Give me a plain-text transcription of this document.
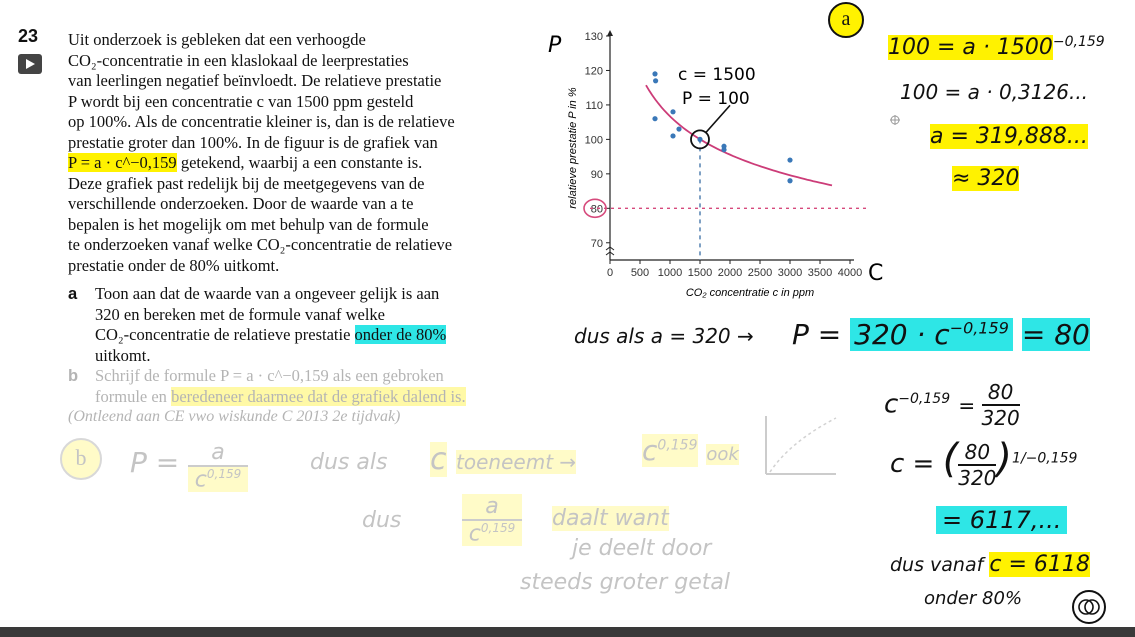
23 Uit onderzoek is gebleken dat een verhoogde
CO₂-concentratie in een klaslokaal de leerprestaties
van leerlingen negatief beïnvloedt. De relatieve prestatie
P wordt bij een concentratie c van 1500 ppm gesteld
op 100%. Als de concentratie kleiner is, dan is de relatieve
prestatie groter dan 100%. In de figuur is de grafiek van
P = a · c^−0,159 getekend, waarbij a een constante is.
Deze grafiek past redelijk bij de meetgegevens van de
verschillende onderzoeken. Door de waarde van a te
bepalen is het mogelijk om met behulp van de formule
te onderzoeken vanaf welke CO₂-concentratie de relatieve
prestatie onder de 80% uitkomt.
a Toon aan dat de waarde van a ongeveer gelijk is aan
320 en bereken met de formule vanaf welke
CO₂-concentratie de relatieve prestatie onder de 80%
uitkomt.
b Schrijf de formule P = a · c^−0,159 als een gebroken
formule en beredeneer daarmee dat de grafiek dalend is.
(Ontleend aan CE vwo wiskunde C 2013 2e tijdvak)
relatieve prestatie P in %
CO₂ concentratie c in ppm
P
C
c = 1500
P = 100
70
80
90
100
110
120
130
0 500 1000 1500 2000 2500 3000 3500 4000
a
$100 = a \cdot 1500^{-0,159}$
100 = a · 0,3126...
a = 319,888...
≈ 320
dus als $a = 320 \to P = 320 \cdot c^{-0,159} = 80$
$c^{-0,159} = \frac{80}{320}$
c = ( $\frac{80}{320} )^{1/-0,159}$
= 6117,...
dus vanaf c = 6118
onder 80%
b	P =	a
$c^{0,159}$	dus als c toeneemt → $c^{0,159}$ ook
dus
a
$c^{0,159}$	daalt want
je deelt door
steeds groter getal
